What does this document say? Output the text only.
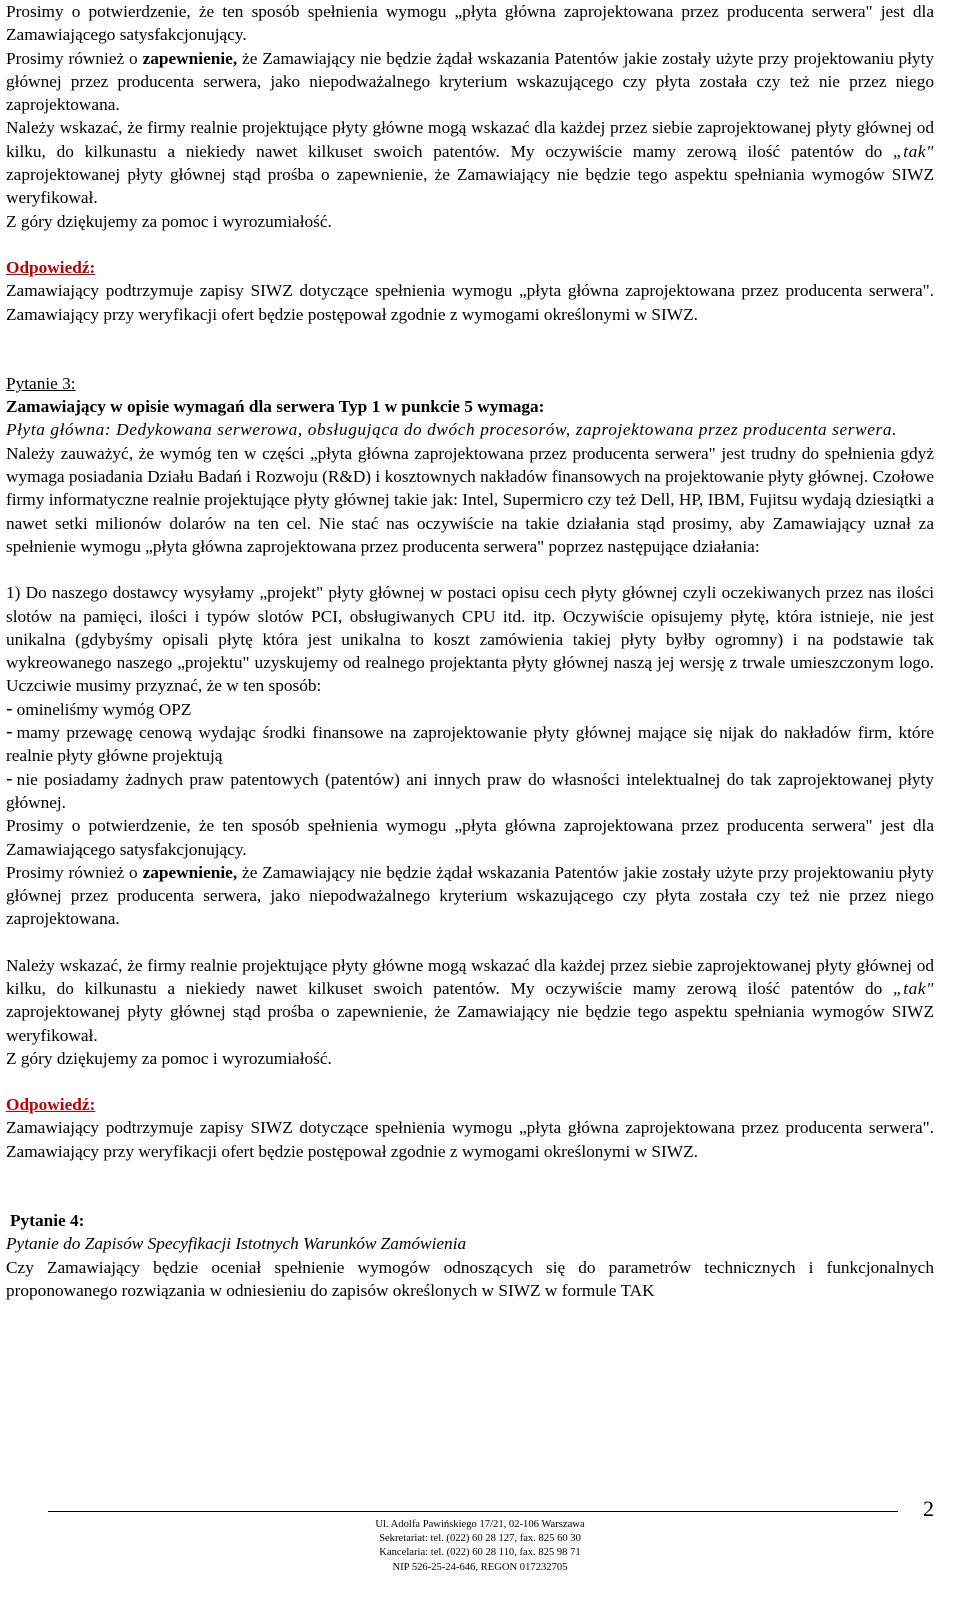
Prosimy o potwierdzenie, że ten sposób spełnienia wymogu „płyta główna zaprojektowana przez producenta serwera" jest dla Zamawiającego satysfakcjonujący.

Prosimy również o zapewnienie, że Zamawiający nie będzie żądał wskazania Patentów jakie zostały użyte przy projektowaniu płyty głównej przez producenta serwera, jako niepodważalnego kryterium wskazującego czy płyta została czy też nie przez niego zaprojektowana.

Należy wskazać, że firmy realnie projektujące płyty główne mogą wskazać dla każdej przez siebie zaprojektowanej płyty głównej od kilku, do kilkunastu a niekiedy nawet kilkuset swoich patentów. My oczywiście mamy zerową ilość patentów do „tak" zaprojektowanej płyty głównej stąd prośba o zapewnienie, że Zamawiający nie będzie tego aspektu spełniania wymogów SIWZ weryfikował.

Z góry dziękujemy za pomoc i wyrozumiałość.

Odpowiedź:

Zamawiający podtrzymuje zapisy SIWZ dotyczące spełnienia wymogu „płyta główna zaprojektowana przez producenta serwera". Zamawiający przy weryfikacji ofert będzie postępował zgodnie z wymogami określonymi w SIWZ.

Pytanie 3:

Zamawiający w opisie wymagań dla serwera Typ 1 w punkcie 5 wymaga:

Płyta główna: Dedykowana serwerowa, obsługująca do dwóch procesorów, zaprojektowana przez producenta serwera.

Należy zauważyć, że wymóg ten w części „płyta główna zaprojektowana przez producenta serwera" jest trudny do spełnienia gdyż wymaga posiadania Działu Badań i Rozwoju (R&D) i kosztownych nakładów finansowych na projektowanie płyty głównej. Czołowe firmy informatyczne realnie projektujące płyty głównej takie jak: Intel, Supermicro czy też Dell, HP, IBM, Fujitsu wydają dziesiątki a nawet setki milionów dolarów na ten cel. Nie stać nas oczywiście na takie działania stąd prosimy, aby Zamawiający uznał za spełnienie wymogu „płyta główna zaprojektowana przez producenta serwera" poprzez następujące działania:

1) Do naszego dostawcy wysyłamy „projekt" płyty głównej w postaci opisu cech płyty głównej czyli oczekiwanych przez nas ilości slotów na pamięci, ilości i typów slotów PCI, obsługiwanych CPU itd. itp. Oczywiście opisujemy płytę, która istnieje, nie jest unikalna (gdybyśmy opisali płytę która jest unikalna to koszt zamówienia takiej płyty byłby ogromny) i na podstawie tak wykreowanego naszego „projektu" uzyskujemy od realnego projektanta płyty głównej naszą jej wersję z trwale umieszczonym logo. Uczciwie musimy przyznać, że w ten sposób:

- omineliśmy wymóg OPZ

- mamy przewagę cenową wydając środki finansowe na zaprojektowanie płyty głównej mające się nijak do nakładów firm, które realnie płyty główne projektują

- nie posiadamy żadnych praw patentowych (patentów) ani innych praw do własności intelektualnej do tak zaprojektowanej płyty głównej.

Prosimy o potwierdzenie, że ten sposób spełnienia wymogu „płyta główna zaprojektowana przez producenta serwera" jest dla Zamawiającego satysfakcjonujący.

Prosimy również o zapewnienie, że Zamawiający nie będzie żądał wskazania Patentów jakie zostały użyte przy projektowaniu płyty głównej przez producenta serwera, jako niepodważalnego kryterium wskazującego czy płyta została czy też nie przez niego zaprojektowana.

Należy wskazać, że firmy realnie projektujące płyty główne mogą wskazać dla każdej przez siebie zaprojektowanej płyty głównej od kilku, do kilkunastu a niekiedy nawet kilkuset swoich patentów. My oczywiście mamy zerową ilość patentów do „tak" zaprojektowanej płyty głównej stąd prośba o zapewnienie, że Zamawiający nie będzie tego aspektu spełniania wymogów SIWZ weryfikował.

Z góry dziękujemy za pomoc i wyrozumiałość.

Odpowiedź:

Zamawiający podtrzymuje zapisy SIWZ dotyczące spełnienia wymogu „płyta główna zaprojektowana przez producenta serwera". Zamawiający przy weryfikacji ofert będzie postępował zgodnie z wymogami określonymi w SIWZ.

Pytanie 4:

Pytanie do Zapisów Specyfikacji Istotnych Warunków Zamówienia

Czy Zamawiający będzie oceniał spełnienie wymogów odnoszących się do parametrów technicznych i funkcjonalnych proponowanego rozwiązania w odniesieniu do zapisów określonych w SIWZ w formule TAK

2
Ul. Adolfa Pawińskiego 17/21, 02-106 Warszawa
Sekretariat: tel. (022) 60 28 127, fax. 825 60 30
Kancelaria: tel. (022) 60 28 110, fax. 825 98 71
NIP 526-25-24-646, REGON 017232705
